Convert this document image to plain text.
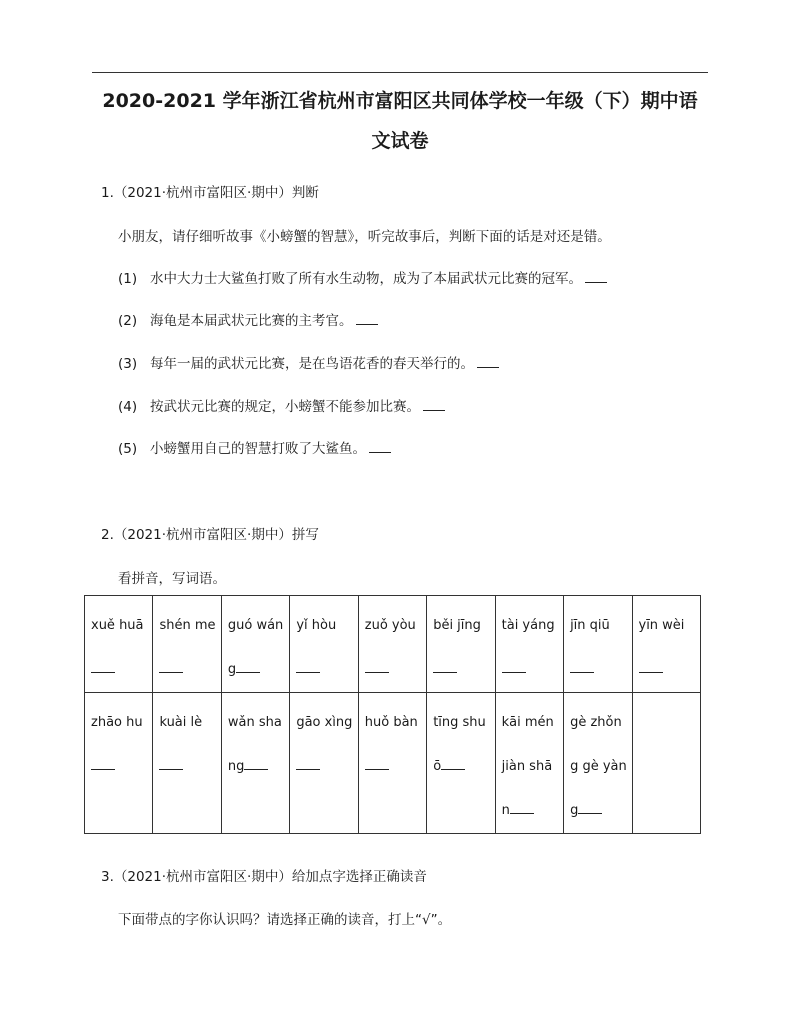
2020-2021 学年浙江省杭州市富阳区共同体学校一年级（下）期中语
文试卷
1.（2021·杭州市富阳区·期中）判断
小朋友，请仔细听故事《小螃蟹的智慧》，听完故事后，判断下面的话是对还是错。
(1) 水中大力士大鲨鱼打败了所有水生动物，成为了本届武状元比赛的冠军。
(2) 海龟是本届武状元比赛的主考官。
(3) 每年一届的武状元比赛，是在鸟语花香的春天举行的。
(4) 按武状元比赛的规定，小螃蟹不能参加比赛。
(5) 小螃蟹用自己的智慧打败了大鲨鱼。
2.（2021·杭州市富阳区·期中）拼写
看拼音，写词语。
xuě huā	shén me	guó wáng	yǐ hòu	zuǒ yòu	běi jīng	tài yáng	jīn qiū	yīn wèi
zhāo hu	kuài lè	wǎn shang	gāo xìng	huǒ bàn	tīng shuō	kāi mén jiàn shān	gè zhǒng gè yàng	
3.（2021·杭州市富阳区·期中）给加点字选择正确读音
下面带点的字你认识吗？请选择正确的读音，打上“√”。
